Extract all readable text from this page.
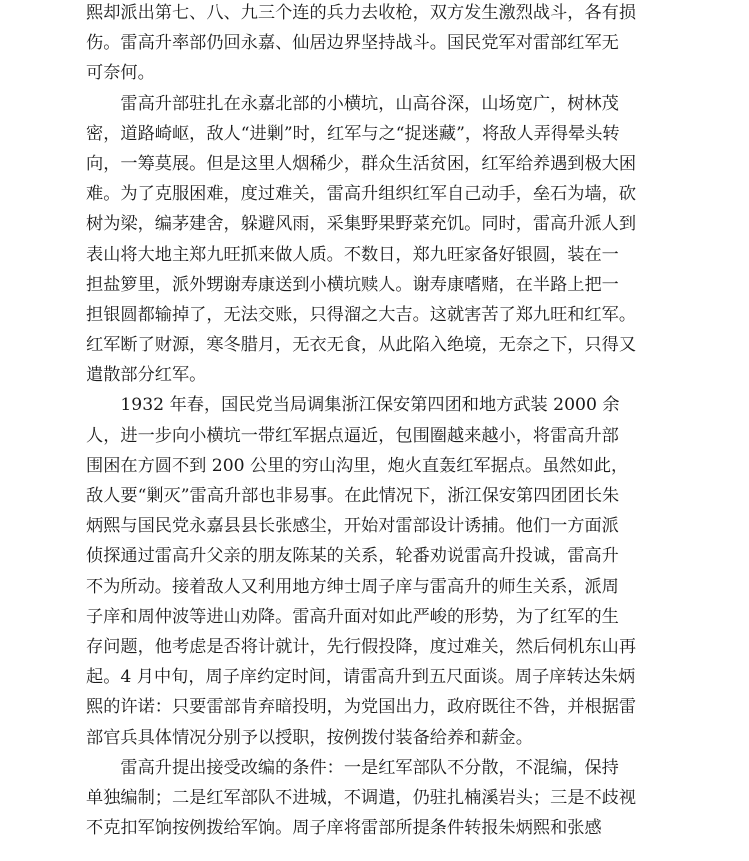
熙却派出第七、八、九三个连的兵力去收枪，双方发生激烈战斗，各有损
伤。雷高升率部仍回永嘉、仙居边界坚持战斗。国民党军对雷部红军无
可奈何。
　　雷高升部驻扎在永嘉北部的小横坑，山高谷深，山场宽广，树林茂
密，道路崎岖，敌人“进剿”时，红军与之“捉迷藏”，将敌人弄得晕头转
向，一筹莫展。但是这里人烟稀少，群众生活贫困，红军给养遇到极大困
难。为了克服困难，度过难关，雷高升组织红军自己动手，垒石为墙，砍
树为梁，编茅建舍，躲避风雨，采集野果野菜充饥。同时，雷高升派人到
表山将大地主郑九旺抓来做人质。不数日，郑九旺家备好银圆，装在一
担盐箩里，派外甥谢寿康送到小横坑赎人。谢寿康嗜赌，在半路上把一
担银圆都输掉了，无法交账，只得溜之大吉。这就害苦了郑九旺和红军。
红军断了财源，寒冬腊月，无衣无食，从此陷入绝境，无奈之下，只得又
遣散部分红军。
　　1932 年春，国民党当局调集浙江保安第四团和地方武装 2000 余
人，进一步向小横坑一带红军据点逼近，包围圈越来越小，将雷高升部
围困在方圆不到 200 公里的穷山沟里，炮火直轰红军据点。虽然如此，
敌人要“剿灭”雷高升部也非易事。在此情况下，浙江保安第四团团长朱
炳熙与国民党永嘉县县长张感尘，开始对雷部设计诱捕。他们一方面派
侦探通过雷高升父亲的朋友陈某的关系，轮番劝说雷高升投诚，雷高升
不为所动。接着敌人又利用地方绅士周子庠与雷高升的师生关系，派周
子庠和周仲波等进山劝降。雷高升面对如此严峻的形势，为了红军的生
存问题，他考虑是否将计就计，先行假投降，度过难关，然后伺机东山再
起。4 月中旬，周子庠约定时间，请雷高升到五尺面谈。周子庠转达朱炳
熙的许诺：只要雷部肯弃暗投明，为党国出力，政府既往不咎，并根据雷
部官兵具体情况分别予以授职，按例拨付装备给养和薪金。
　　雷高升提出接受改编的条件：一是红军部队不分散，不混编，保持
单独编制；二是红军部队不进城，不调遣，仍驻扎楠溪岩头；三是不歧视
不克扣军饷按例拨给军饷。周子庠将雷部所提条件转报朱炳熙和张感
